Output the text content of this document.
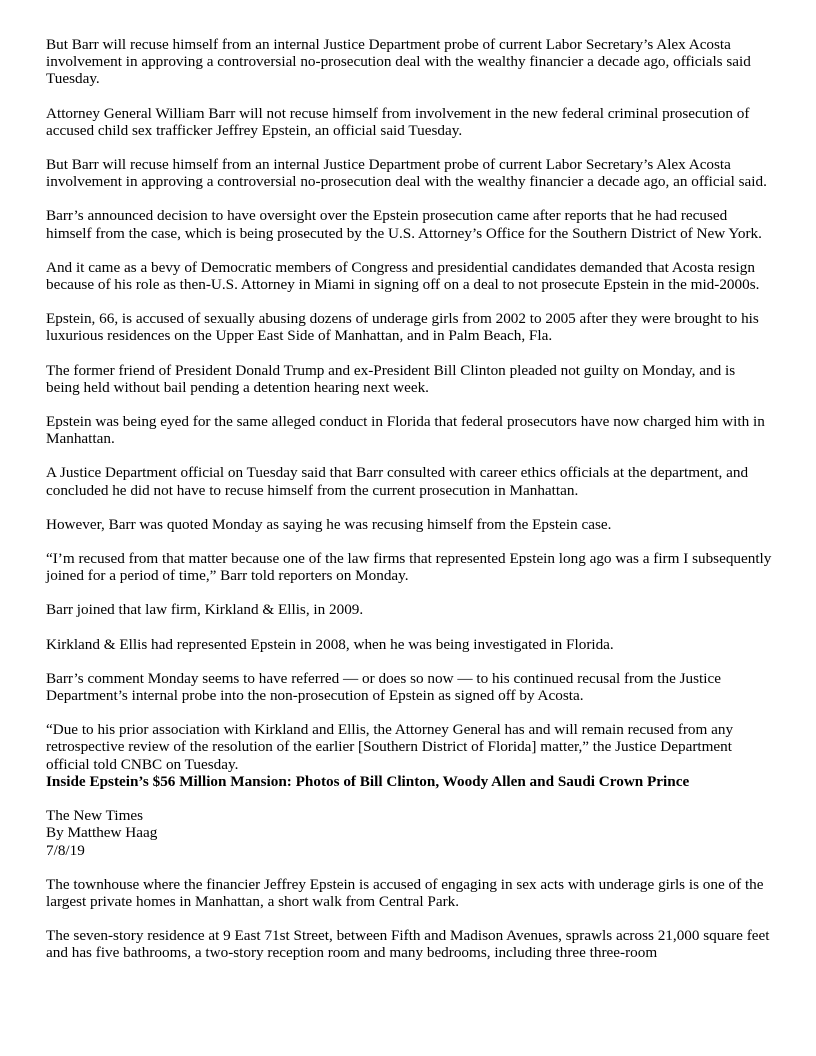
But Barr will recuse himself from an internal Justice Department probe of current Labor Secretary’s Alex Acosta involvement in approving a controversial no-prosecution deal with the wealthy financier a decade ago, officials said Tuesday.

Attorney General William Barr will not recuse himself from involvement in the new federal criminal prosecution of accused child sex trafficker Jeffrey Epstein, an official said Tuesday.

But Barr will recuse himself from an internal Justice Department probe of current Labor Secretary’s Alex Acosta involvement in approving a controversial no-prosecution deal with the wealthy financier a decade ago, an official said.

Barr’s announced decision to have oversight over the Epstein prosecution came after reports that he had recused himself from the case, which is being prosecuted by the U.S. Attorney’s Office for the Southern District of New York.

And it came as a bevy of Democratic members of Congress and presidential candidates demanded that Acosta resign because of his role as then-U.S. Attorney in Miami in signing off on a deal to not prosecute Epstein in the mid-2000s.

Epstein, 66, is accused of sexually abusing dozens of underage girls from 2002 to 2005 after they were brought to his luxurious residences on the Upper East Side of Manhattan, and in Palm Beach, Fla.

The former friend of President Donald Trump and ex-President Bill Clinton pleaded not guilty on Monday, and is being held without bail pending a detention hearing next week.

Epstein was being eyed for the same alleged conduct in Florida that federal prosecutors have now charged him with in Manhattan.

A Justice Department official on Tuesday said that Barr consulted with career ethics officials at the department, and concluded he did not have to recuse himself from the current prosecution in Manhattan.

However, Barr was quoted Monday as saying he was recusing himself from the Epstein case.

“I’m recused from that matter because one of the law firms that represented Epstein long ago was a firm I subsequently joined for a period of time,” Barr told reporters on Monday.

Barr joined that law firm, Kirkland & Ellis, in 2009.

Kirkland & Ellis had represented Epstein in 2008, when he was being investigated in Florida.

Barr’s comment Monday seems to have referred — or does so now — to his continued recusal from the Justice Department’s internal probe into the non-prosecution of Epstein as signed off by Acosta.

“Due to his prior association with Kirkland and Ellis, the Attorney General has and will remain recused from any retrospective review of the resolution of the earlier [Southern District of Florida] matter,” the Justice Department official told CNBC on Tuesday.

Inside Epstein’s $56 Million Mansion: Photos of Bill Clinton, Woody Allen and Saudi Crown Prince
The New Times
By Matthew Haag
7/8/19

The townhouse where the financier Jeffrey Epstein is accused of engaging in sex acts with underage girls is one of the largest private homes in Manhattan, a short walk from Central Park.

The seven-story residence at 9 East 71st Street, between Fifth and Madison Avenues, sprawls across 21,000 square feet and has five bathrooms, a two-story reception room and many bedrooms, including three three-room
